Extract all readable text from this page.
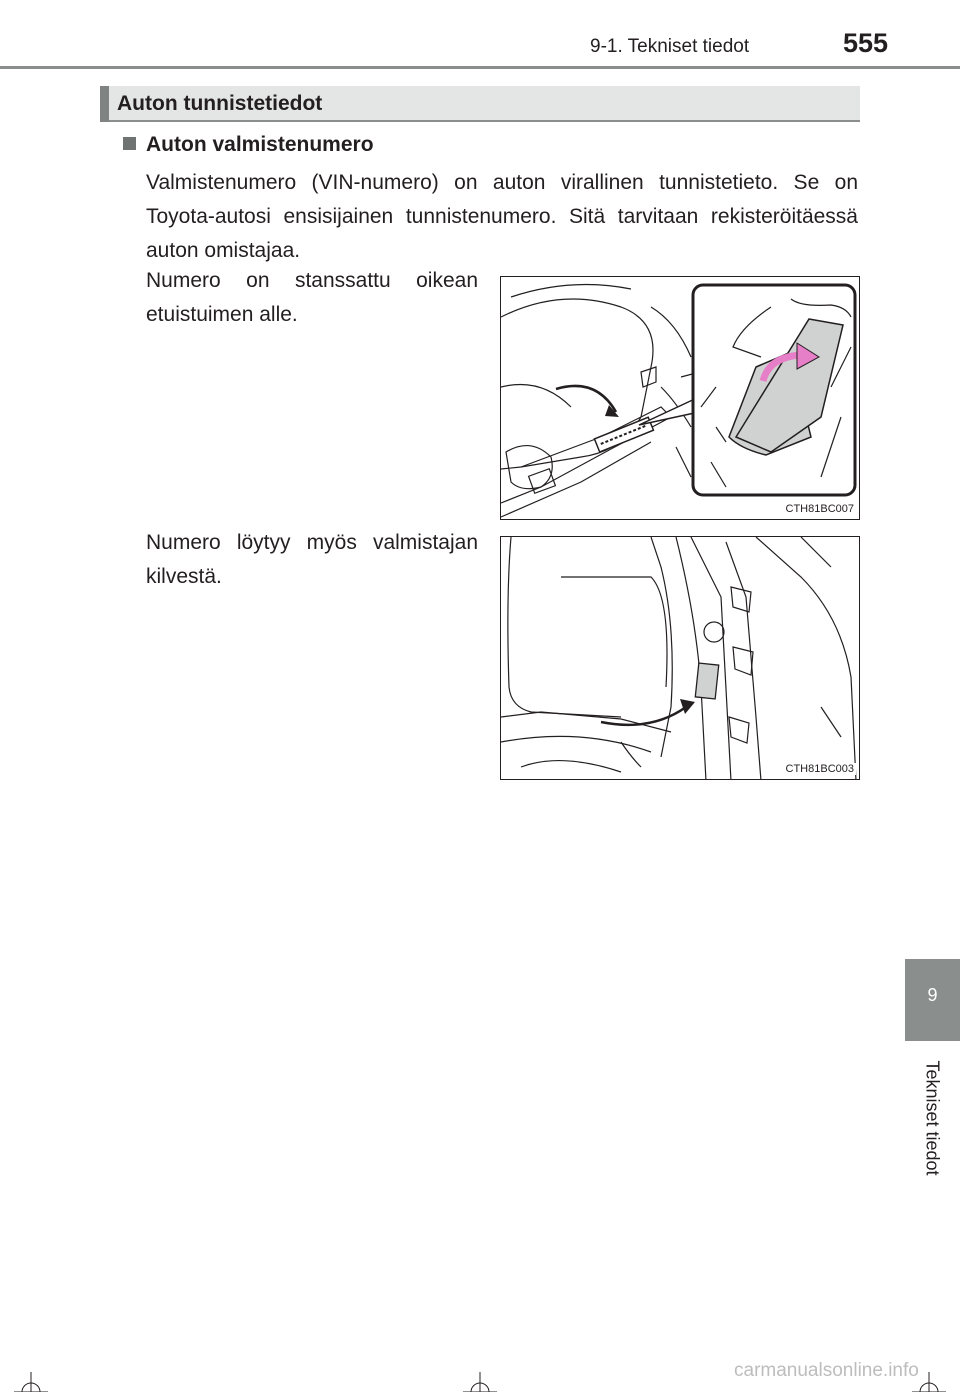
9-1. Tekniset tiedot	555
Auton tunnistetiedot
Auton valmistenumero
Valmistenumero (VIN-numero) on auton virallinen tunnistetieto. Se on Toyota-autosi ensisijainen tunnistenumero. Sitä tarvitaan rekisteröitäessä auton omistajaa.
Numero on stanssattu oikean etuistuimen alle.
Numero löytyy myös valmistajan kilvestä.
CTH81BC007
CTH81BC003
9
Tekniset tiedot
carmanualsonline.info
